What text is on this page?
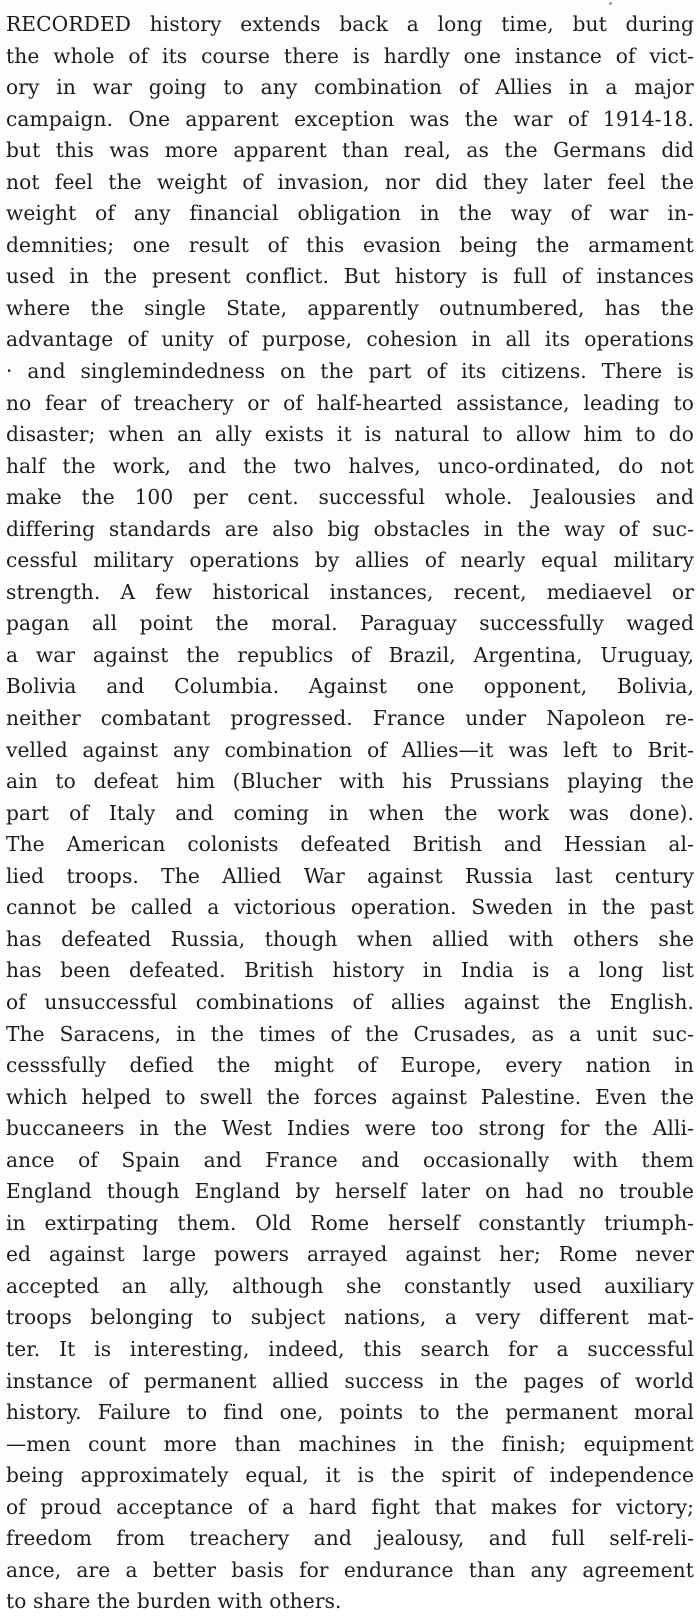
RECORDED history extends back a long time, but during
the whole of its course there is hardly one instance of vict-
ory in war going to any combination of Allies in a major
campaign. One apparent exception was the war of 1914-18.
but this was more apparent than real, as the Germans did
not feel the weight of invasion, nor did they later feel the
weight of any financial obligation in the way of war in-
demnities; one result of this evasion being the armament
used in the present conflict. But history is full of instances
where the single State, apparently outnumbered, has the
advantage of unity of purpose, cohesion in all its operations
· and singlemindedness on the part of its citizens. There is
no fear of treachery or of half-hearted assistance, leading to
disaster; when an ally exists it is natural to allow him to do
half the work, and the two halves, unco-ordinated, do not
make the 100 per cent. successful whole. Jealousies and
differing standards are also big obstacles in the way of suc-
cessful military operations by allies of nearly equal military
strength. A few historical instances, recent, mediaevel or
pagan all point the moral. Paraguay successfully waged
a war against the republics of Brazil, Argentina, Uruguay,
Bolivia and Columbia. Against one opponent, Bolivia,
neither combatant progressed. France under Napoleon re-
velled against any combination of Allies—it was left to Brit-
ain to defeat him (Blucher with his Prussians playing the
part of Italy and coming in when the work was done).
The American colonists defeated British and Hessian al-
lied troops. The Allied War against Russia last century
cannot be called a victorious operation. Sweden in the past
has defeated Russia, though when allied with others she
has been defeated. British history in India is a long list
of unsuccessful combinations of allies against the English.
The Saracens, in the times of the Crusades, as a unit suc-
cesssfully defied the might of Europe, every nation in
which helped to swell the forces against Palestine. Even the
buccaneers in the West Indies were too strong for the Alli-
ance of Spain and France and occasionally with them
England though England by herself later on had no trouble
in extirpating them. Old Rome herself constantly triumph-
ed against large powers arrayed against her; Rome never
accepted an ally, although she constantly used auxiliary
troops belonging to subject nations, a very different mat-
ter. It is interesting, indeed, this search for a successful
instance of permanent allied success in the pages of world
history. Failure to find one, points to the permanent moral
—men count more than machines in the finish; equipment
being approximately equal, it is the spirit of independence
of proud acceptance of a hard fight that makes for victory;
freedom from treachery and jealousy, and full self-reli-
ance, are a better basis for endurance than any agreement
to share the burden with others.
